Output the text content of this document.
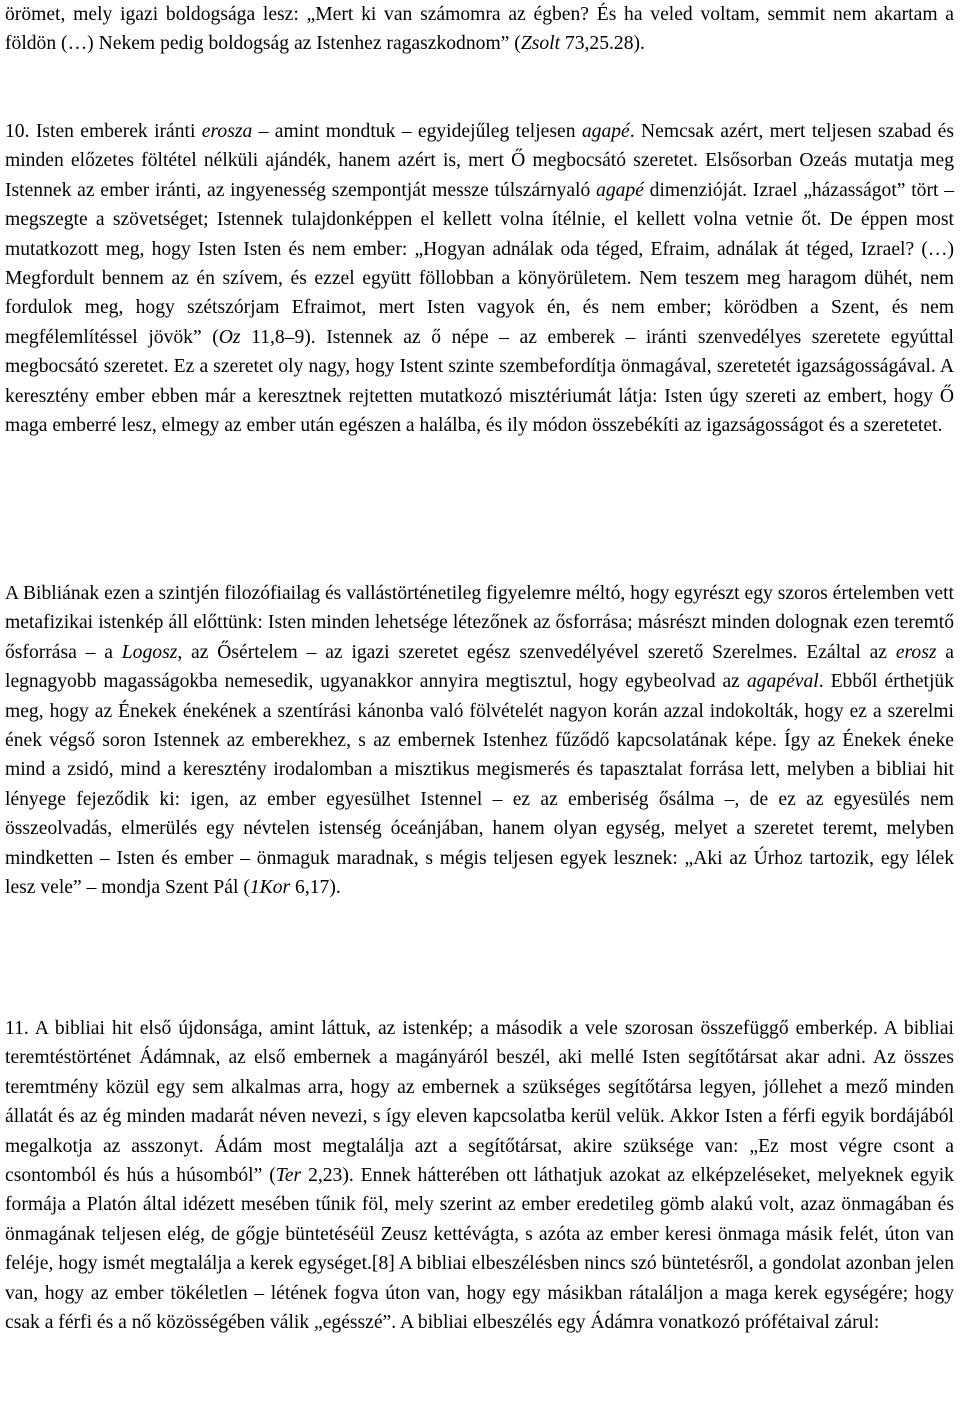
örömet, mely igazi boldogsága lesz: „Mert ki van számomra az égben? És ha veled voltam, semmit nem akartam a földön (…) Nekem pedig boldogság az Istenhez ragaszkodnom” (Zsolt 73,25.28).

10. Isten emberek iránti erosza – amint mondtuk – egyidejűleg teljesen agapé. Nemcsak azért, mert teljesen szabad és minden előzetes föltétel nélküli ajándék, hanem azért is, mert Ő megbocsátó szeretet. Elsősorban Ozeás mutatja meg Istennek az ember iránti, az ingyenesség szempontját messze túlszárnyaló agapé dimenzióját. Izrael „házasságot” tört – megszegte a szövetséget; Istennek tulajdonképpen el kellett volna ítélnie, el kellett volna vetnie őt. De éppen most mutatkozott meg, hogy Isten Isten és nem ember: „Hogyan adnálak oda téged, Efraim, adnálak át téged, Izrael? (…) Megfordult bennem az én szívem, és ezzel együtt föllobban a könyörületem. Nem teszem meg haragom dühét, nem fordulok meg, hogy szétszórjam Efraimot, mert Isten vagyok én, és nem ember; körödben a Szent, és nem megfélemlítéssel jövök” (Oz 11,8–9). Istennek az ő népe – az emberek – iránti szenvedélyes szeretete egyúttal megbocsátó szeretet. Ez a szeretet oly nagy, hogy Istent szinte szembefordítja önmagával, szeretetét igazságosságával. A keresztény ember ebben már a keresztnek rejtetten mutatkozó misztériumát látja: Isten úgy szereti az embert, hogy Ő maga emberré lesz, elmegy az ember után egészen a halálba, és ily módon összebékíti az igazságosságot és a szeretetet.

A Bibliának ezen a szintjén filozófiailag és vallástörténetileg figyelemre méltó, hogy egyrészt egy szoros értelemben vett metafizikai istenkép áll előttünk: Isten minden lehetsége létezőnek az ősforrása; másrészt minden dolognak ezen teremtő ősforrása – a Logosz, az Ősértelem – az igazi szeretet egész szenvedélyével szerető Szerelmes. Ezáltal az erosz a legnagyobb magasságokba nemesedik, ugyanakkor annyira megtisztul, hogy egybeolvad az agapéval. Ebből érthetjük meg, hogy az Énekek énekének a szentírási kánonba való fölvételét nagyon korán azzal indokolták, hogy ez a szerelmi ének végső soron Istennek az emberekhez, s az embernek Istenhez fűződő kapcsolatának képe. Így az Énekek éneke mind a zsidó, mind a keresztény irodalomban a misztikus megismerés és tapasztalat forrása lett, melyben a bibliai hit lényege fejeződik ki: igen, az ember egyesülhet Istennel – ez az emberiség ősálma –, de ez az egyesülés nem összeolvadás, elmerülés egy névtelen istenség óceánjában, hanem olyan egység, melyet a szeretet teremt, melyben mindketten – Isten és ember – önmaguk maradnak, s mégis teljesen egyek lesznek: „Aki az Úrhoz tartozik, egy lélek lesz vele” – mondja Szent Pál (1Kor 6,17).

11. A bibliai hit első újdonsága, amint láttuk, az istenkép; a második a vele szorosan összefüggő emberkép. A bibliai teremtéstörténet Ádámnak, az első embernek a magányáról beszél, aki mellé Isten segítőtársat akar adni. Az összes teremtmény közül egy sem alkalmas arra, hogy az embernek a szükséges segítőtársa legyen, jóllehet a mező minden állatát és az ég minden madarát néven nevezi, s így eleven kapcsolatba kerül velük. Akkor Isten a férfi egyik bordájából megalkotja az asszonyt. Ádám most megtalálja azt a segítőtársat, akire szüksége van: „Ez most végre csont a csontomból és hús a húsomból” (Ter 2,23). Ennek hátterében ott láthatjuk azokat az elképzeléseket, melyeknek egyik formája a Platón által idézett mesében tűnik föl, mely szerint az ember eredetileg gömb alakú volt, azaz önmagában és önmagának teljesen elég, de gőgje büntetéséül Zeusz kettévágta, s azóta az ember keresi önmaga másik felét, úton van feléje, hogy ismét megtalálja a kerek egységet.[8] A bibliai elbeszélésben nincs szó büntetésről, a gondolat azonban jelen van, hogy az ember tökéletlen – létének fogva úton van, hogy egy másikban rátaláljon a maga kerek egységére; hogy csak a férfi és a nő közösségében válik „egésszé”. A bibliai elbeszélés egy Ádámra vonatkozó prófétaival zárul:
